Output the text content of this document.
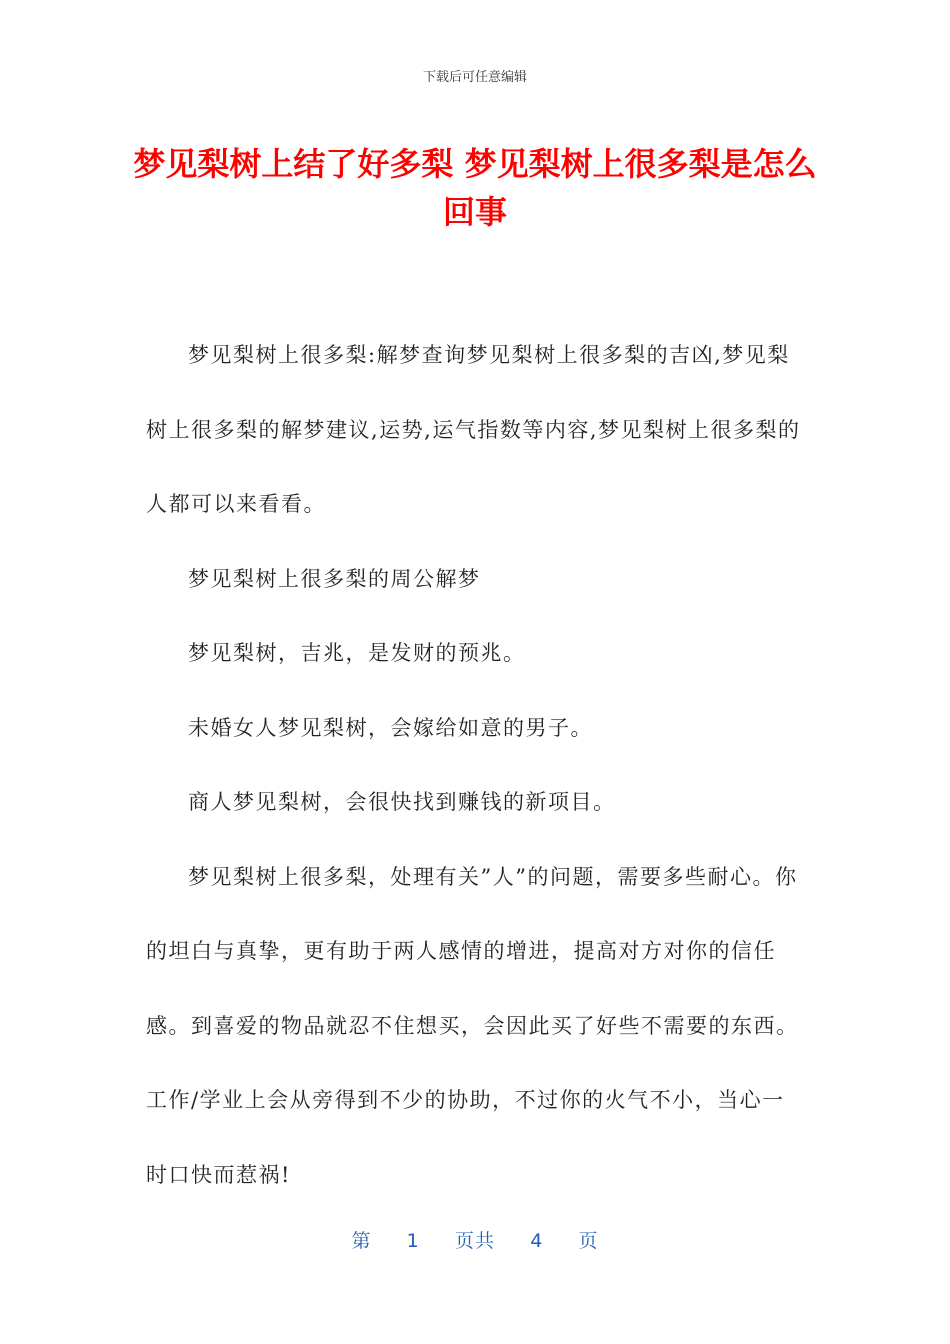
下载后可任意编辑
梦见梨树上结了好多梨 梦见梨树上很多梨是怎么回事

梦见梨树上很多梨:解梦查询梦见梨树上很多梨的吉凶,梦见梨树上很多梨的解梦建议,运势,运气指数等内容,梦见梨树上很多梨的人都可以来看看。

梦见梨树上很多梨的周公解梦

梦见梨树，吉兆，是发财的预兆。

未婚女人梦见梨树，会嫁给如意的男子。

商人梦见梨树，会很快找到赚钱的新项目。

梦见梨树上很多梨，处理有关”人”的问题，需要多些耐心。你的坦白与真挚，更有助于两人感情的增进，提高对方对你的信任感。到喜爱的物品就忍不住想买，会因此买了好些不需要的东西。工作/学业上会从旁得到不少的协助，不过你的火气不小，当心一时口快而惹祸!

第 1 页共 4 页
